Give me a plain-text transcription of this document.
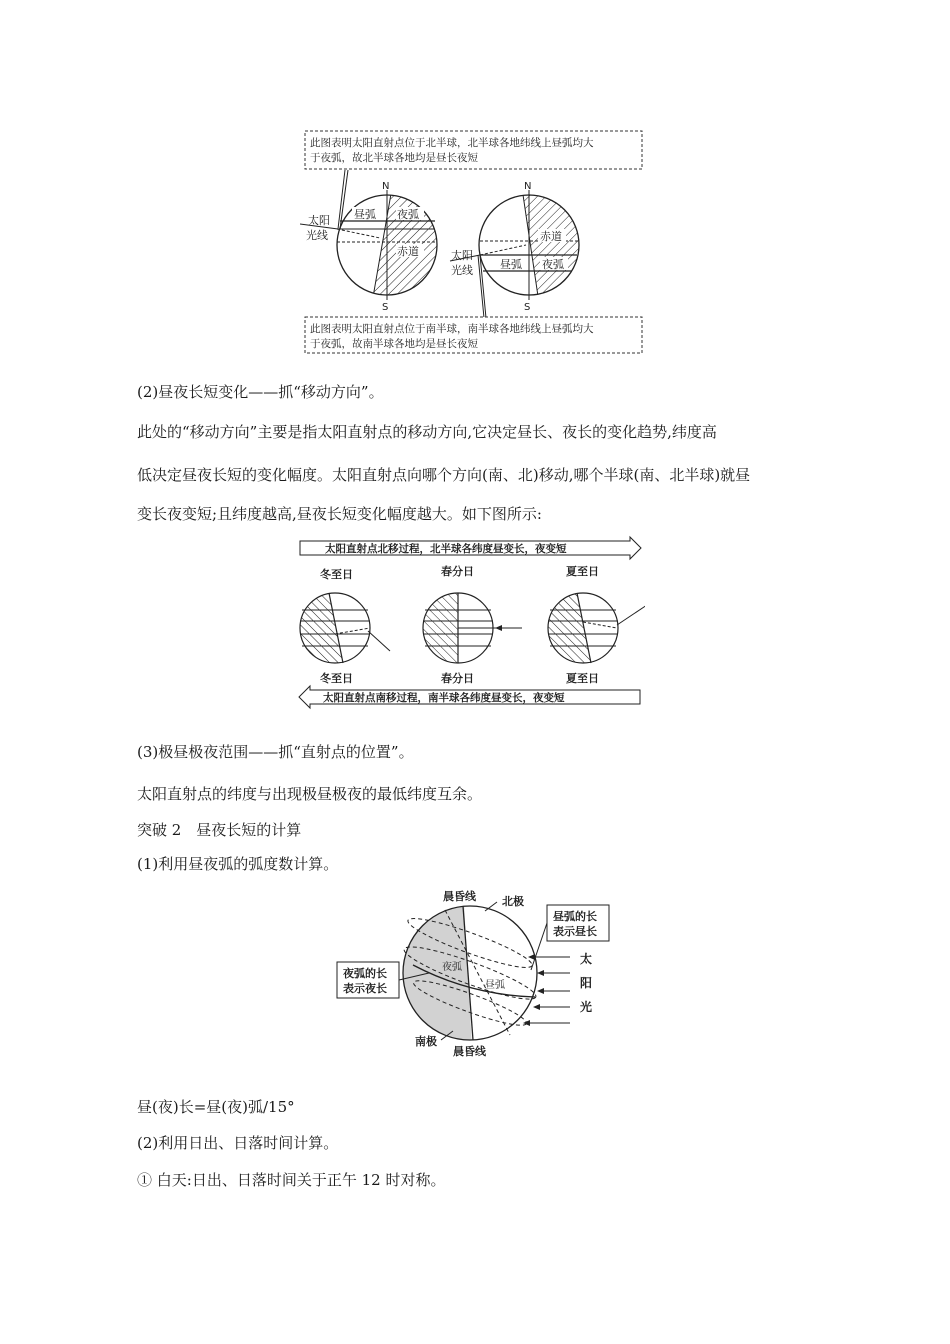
此图表明太阳直射点位于北半球，北半球各地纬线上昼弧均大
于夜弧，故北半球各地均是昼长夜短
昼弧 夜弧
赤道
N
S
太阳
光线	赤道
昼弧 夜弧
N
S
太阳
光线
此图表明太阳直射点位于南半球，南半球各地纬线上昼弧均大
于夜弧，故南半球各地均是昼长夜短
(2)昼夜长短变化——抓“移动方向”。
此处的“移动方向”主要是指太阳直射点的移动方向,它决定昼长、夜长的变化趋势,纬度高
低决定昼夜长短的变化幅度。太阳直射点向哪个方向(南、北)移动,哪个半球(南、北半球)就昼
变长夜变短;且纬度越高,昼夜长短变化幅度越大。如下图所示:
太阳直射点北移过程，北半球各纬度昼变长，夜变短
冬至日	春分日	夏至日
冬至日	春分日	夏至日
太阳直射点南移过程，南半球各纬度昼变长，夜变短
(3)极昼极夜范围——抓“直射点的位置”。
太阳直射点的纬度与出现极昼极夜的最低纬度互余。
突破 2　昼夜长短的计算
(1)利用昼夜弧的弧度数计算。
夜弧
昼弧
晨昏线 北极
昼弧的长
表示昼长
夜弧的长
表示夜长
太
阳
光
南极
晨昏线
昼(夜)长=昼(夜)弧/15°
(2)利用日出、日落时间计算。
① 白天:日出、日落时间关于正午 12 时对称。
